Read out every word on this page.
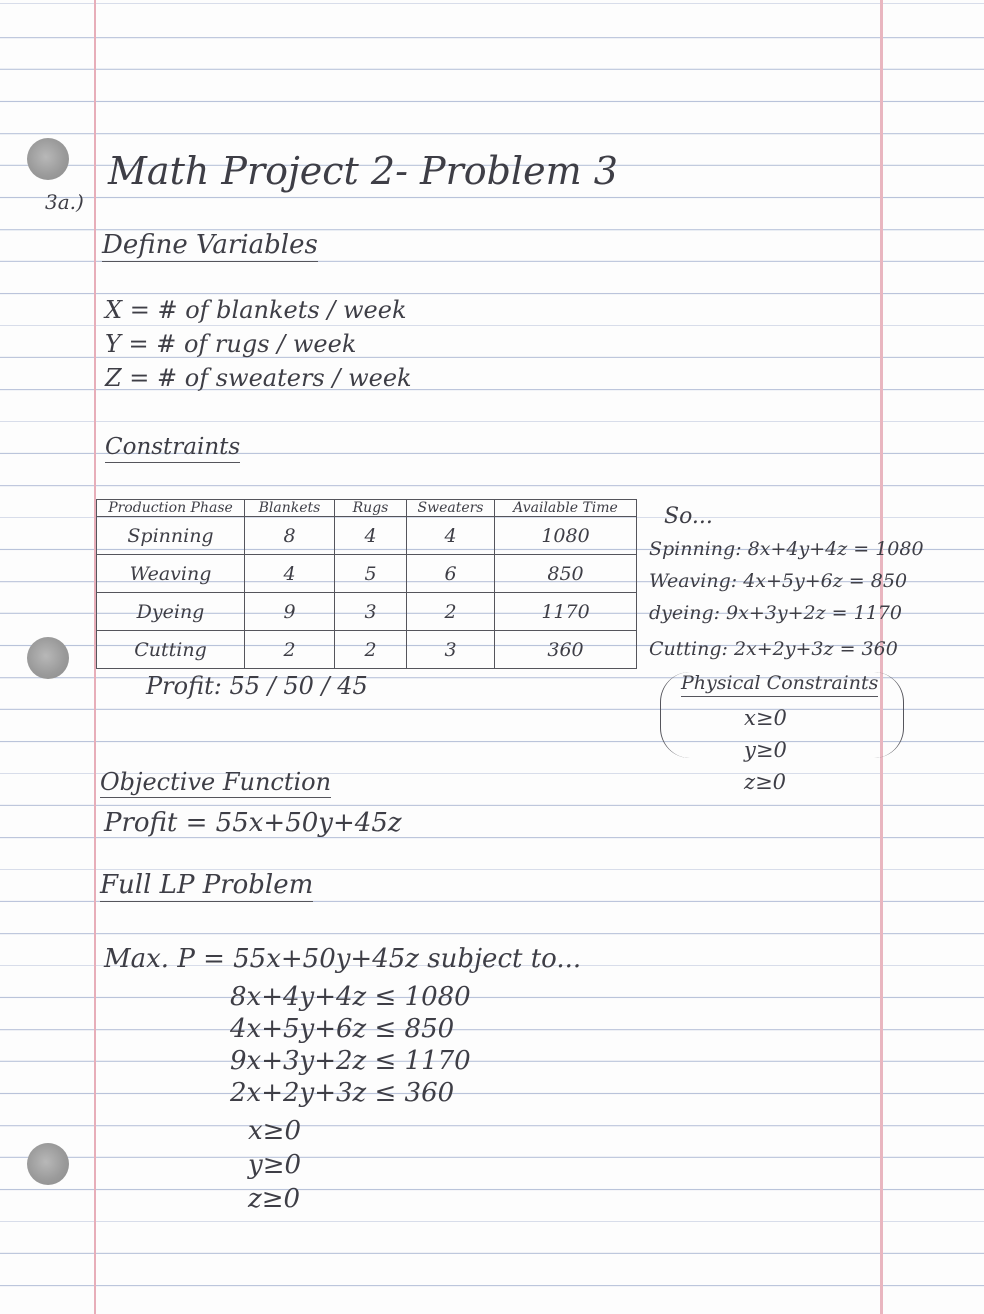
Math Project 2- Problem 3
3a.)
Define Variables
X = # of blankets / week
Y = # of rugs / week
Z = # of sweaters / week
Constraints
Production Phase	Blankets	Rugs	Sweaters	Available Time
Spinning	8	4	4	1080
Weaving	4	5	6	850
Dyeing	9	3	2	1170
Cutting	2	2	3	360
Profit: 55 / 50 / 45
So...
Spinning: 8x+4y+4z = 1080
Weaving: 4x+5y+6z = 850
dyeing: 9x+3y+2z = 1170
Cutting: 2x+2y+3z = 360
Physical Constraints
x≥0
y≥0
z≥0
Objective Function
Profit = 55x+50y+45z
Full LP Problem
Max. P = 55x+50y+45z subject to...
8x+4y+4z ≤ 1080
4x+5y+6z ≤ 850
9x+3y+2z ≤ 1170
2x+2y+3z ≤ 360
x≥0
y≥0
z≥0
